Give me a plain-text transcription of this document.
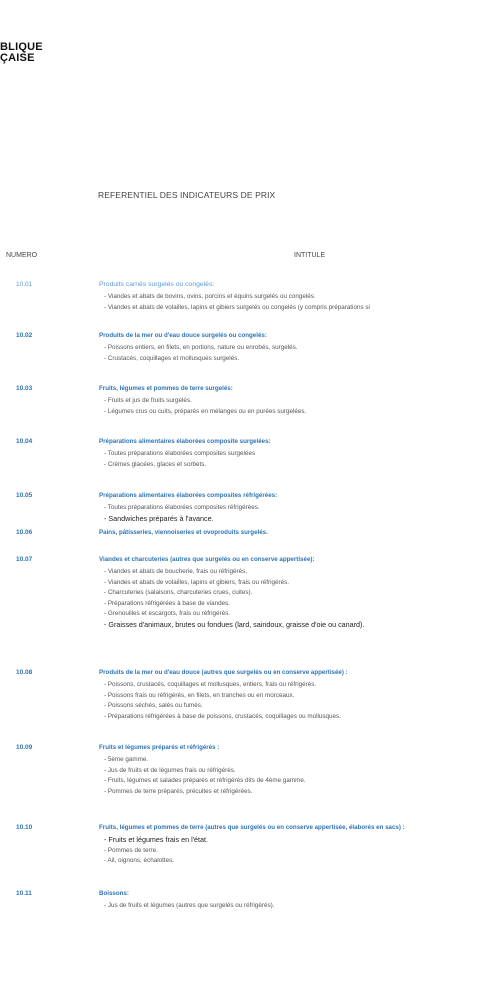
BLIQUE
ÇAISE
REFERENTIEL DES INDICATEURS DE PRIX
NUMERO	INTITULE
10.01	Produits carnés surgelés ou congelés:
- Viandes et abats de bovins, ovins, porcins et équins surgelés ou congelés.
- Viandes et abats de volailles, lapins et gibiers surgelés ou congelés (y compris préparations si
10.02	Produits de la mer ou d'eau douce surgelés ou congelés:
- Poissons entiers, en filets, en portions, nature ou enrobés, surgelés.
- Crustacés, coquillages et mollusques surgelés.
10.03	Fruits, légumes et pommes de terre surgelés:
- Fruits et jus de fruits surgelés.
- Légumes crus ou cuits, préparés en mélanges ou en purées surgelées.
10.04	Préparations alimentaires élaborées composite surgelées:
- Toutes préparations élaborées composites surgelées
- Crèmes glacées, glaces et sorbets.
10.05	Préparations alimentaires élaborées composites réfrigérées:
- Toutes préparations élaborées composites réfrigérées.
- Sandwiches préparés à l'avance.
10.06	Pains, pâtisseries, viennoiseries et ovoproduits surgelés.
10.07	Viandes et charcuteries (autres que surgelés ou en conserve appertisée):
- Viandes et abats de boucherie, frais ou réfrigérés.
- Viandes et abats de volailles, lapins et gibiers, frais ou réfrigérés.
- Charcuteries (salaisons, charcuteries crues, cuites).
- Préparations réfrigérées à base de viandes.
- Grenouilles et escargots, frais ou réfrigérés.
- Graisses d'animaux, brutes ou fondues (lard, saindoux, graisse d'oie ou canard).
10.08	Produits de la mer ou d'eau douce (autres que surgelés ou en conserve appertisée) :
- Poissons, crustacés, coquillages et mollusques, entiers, frais ou réfrigérés.
- Poissons frais ou réfrigérés, en filets, en tranches ou en morceaux.
- Poissons séchés, salés ou fumés.
- Préparations réfrigérées à base de poissons, crustacés, coquillages ou mollusques.
10.09	Fruits et légumes préparés et réfrigérés :
- 5ème gamme.
- Jus de fruits et de légumes frais ou réfrigérés.
- Fruits, légumes et salades préparés et réfrigérés dits de 4ème gamme.
- Pommes de terre préparés, précuites et réfrigérées.
10.10	Fruits, légumes et pommes de terre (autres que surgelés ou en conserve appertisée, élaborés en sacs) :
- Fruits et légumes frais en l'état.
- Pommes de terre.
- Ail, oignons, échalottes.
10.11	Boissons:
- Jus de fruits et légumes (autres que surgelés ou réfrigérés).
